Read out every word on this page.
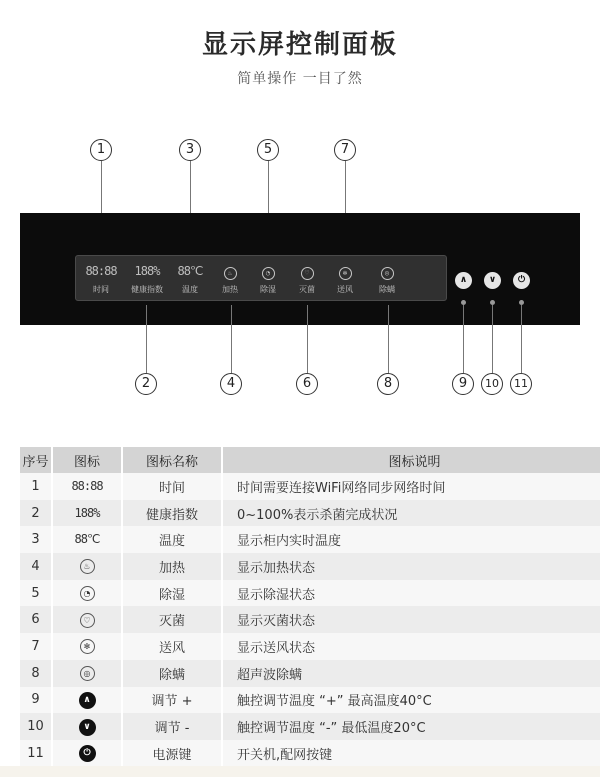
显示屏控制面板
简单操作 一目了然
1	3	5	7
88:88
时间
188%
健康指数
88℃
温度
♨
加热
◔
除湿
♡
灭菌
✻
送风
◎
除螨
∧	∨	⏻
2	4	6	8	9	10	11
序号	图标	图标名称	图标说明
1	88:88	时间	时间需要连接WiFi网络同步网络时间
2	188%	健康指数	0~100%表示杀菌完成状况
3	88℃	温度	显示柜内实时温度
4	♨	加热	显示加热状态
5	◔	除湿	显示除湿状态
6	♡	灭菌	显示灭菌状态
7	✻	送风	显示送风状态
8	◎	除螨	超声波除螨
9	∧	调节 +	触控调节温度 “+” 最高温度40°C
10	∨	调节 -	触控调节温度 “-” 最低温度20°C
11	⏻	电源键	开关机,配网按键
